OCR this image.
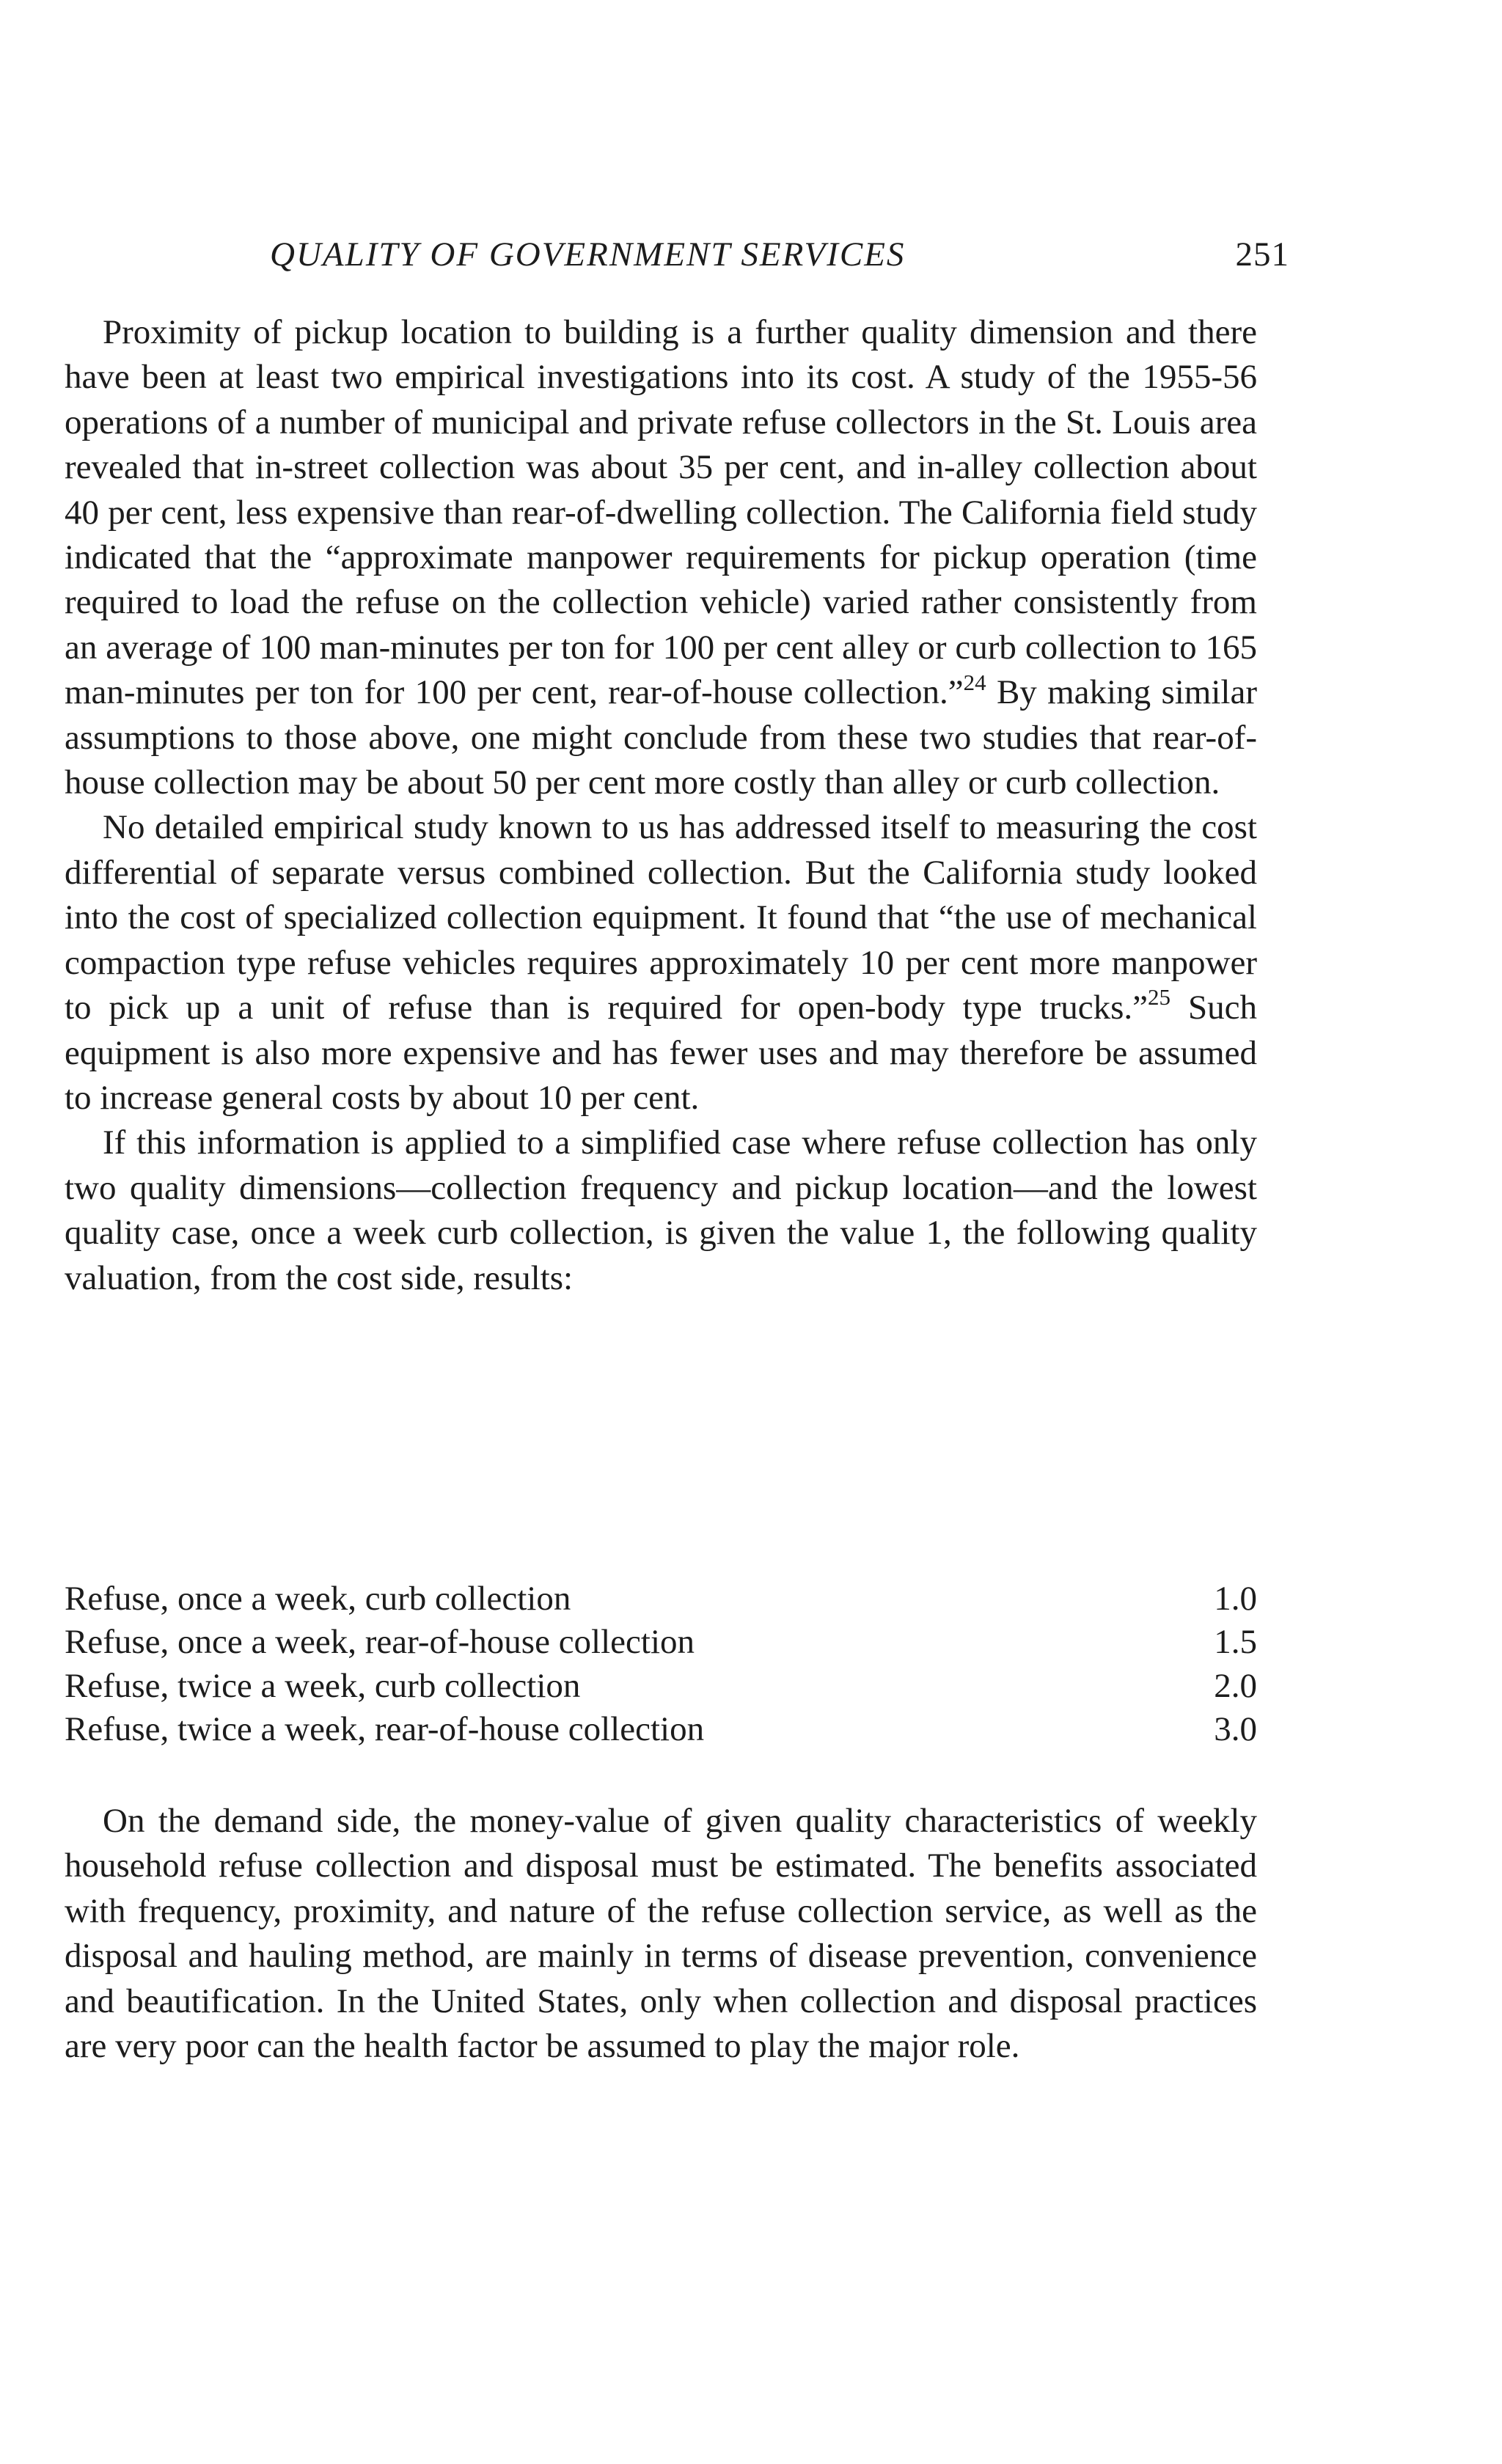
QUALITY OF GOVERNMENT SERVICES	251

Proximity of pickup location to building is a further quality dimension and there have been at least two empirical investigations into its cost. A study of the 1955-56 operations of a number of municipal and private refuse collectors in the St. Louis area revealed that in-street collection was about 35 per cent, and in-alley collection about 40 per cent, less expensive than rear-of-dwelling collection. The California field study indicated that the “approximate manpower requirements for pickup operation (time required to load the refuse on the collection vehicle) varied rather consistently from an average of 100 man-minutes per ton for 100 per cent alley or curb collection to 165 man-minutes per ton for 100 per cent, rear-of-house collection.”$^{24}$ By making similar assumptions to those above, one might conclude from these two studies that rear-of-house collection may be about 50 per cent more costly than alley or curb collection.

No detailed empirical study known to us has addressed itself to measuring the cost differential of separate versus combined collection. But the California study looked into the cost of specialized collection equipment. It found that “the use of mechanical compaction type refuse vehicles requires approximately 10 per cent more manpower to pick up a unit of refuse than is required for open-body type trucks.”$^{25}$ Such equipment is also more expensive and has fewer uses and may therefore be assumed to increase general costs by about 10 per cent.

If this information is applied to a simplified case where refuse collection has only two quality dimensions—collection frequency and pickup location—and the lowest quality case, once a week curb collection, is given the value 1, the following quality valuation, from the cost side, results:

Refuse, once a week, curb collection	1.0
Refuse, once a week, rear-of-house collection	1.5
Refuse, twice a week, curb collection	2.0
Refuse, twice a week, rear-of-house collection	3.0

On the demand side, the money-value of given quality characteristics of weekly household refuse collection and disposal must be estimated. The benefits associated with frequency, proximity, and nature of the refuse collection service, as well as the disposal and hauling method, are mainly in terms of disease prevention, convenience and beautification. In the United States, only when collection and disposal practices are very poor can the health factor be assumed to play the major role.
